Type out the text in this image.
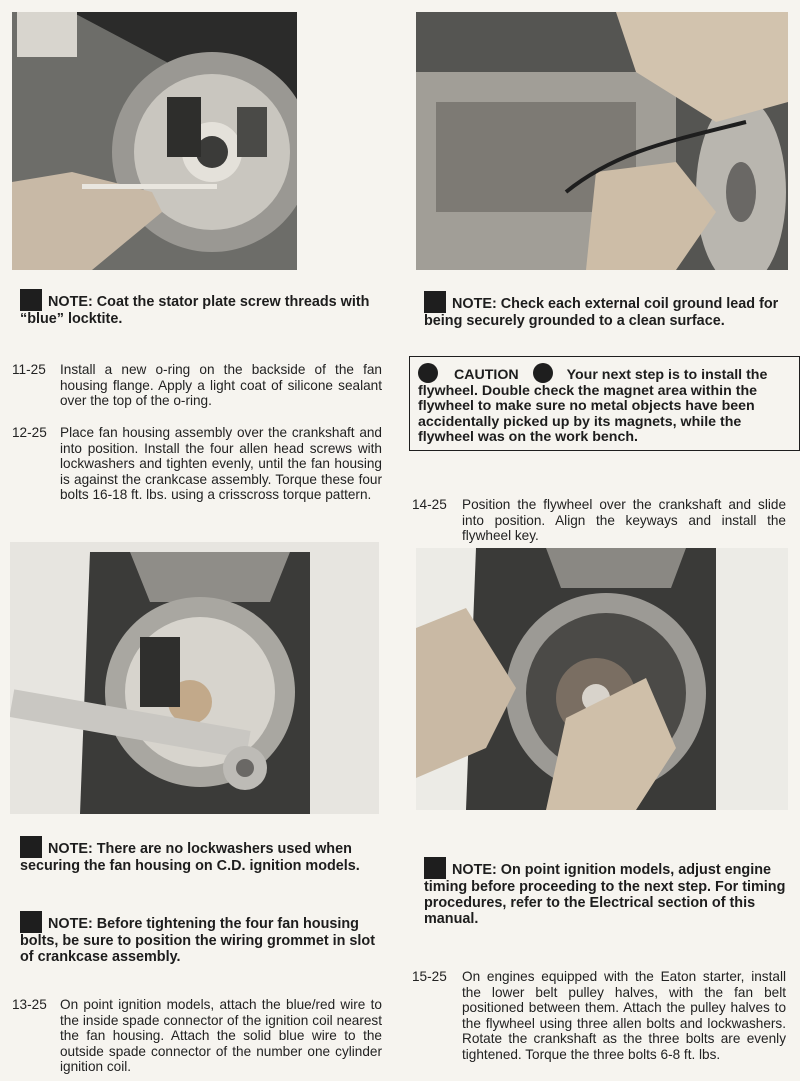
NOTE: Coat the stator plate screw threads with “blue” locktite.
NOTE: Check each external coil ground lead for being securely grounded to a clean surface.
11-25 Install a new o-ring on the backside of the fan housing flange. Apply a light coat of silicone sealant over the top of the o-ring.
12-25 Place fan housing assembly over the crankshaft and into position. Install the four allen head screws with lockwashers and tighten evenly, until the fan housing is against the crankcase assembly. Torque these four bolts 16-18 ft. lbs. using a crisscross torque pattern.
CAUTION	Your next step is to install the flywheel. Double check the magnet area within the flywheel to make sure no metal objects have been accidentally picked up by its magnets, while the flywheel was on the work bench.
14-25 Position the flywheel over the crankshaft and slide into position. Align the keyways and install the flywheel key.
NOTE: There are no lockwashers used when securing the fan housing on C.D. ignition models.
NOTE: Before tightening the four fan housing bolts, be sure to position the wiring grommet in slot of crankcase assembly.
NOTE: On point ignition models, adjust engine timing before proceeding to the next step. For timing procedures, refer to the Electrical section of this manual.
13-25 On point ignition models, attach the blue/red wire to the inside spade connector of the ignition coil nearest the fan housing. Attach the solid blue wire to the outside spade connector of the number one cylinder ignition coil.
15-25 On engines equipped with the Eaton starter, install the lower belt pulley halves, with the fan belt positioned between them. Attach the pulley halves to the flywheel using three allen bolts and lockwashers. Rotate the crankshaft as the three bolts are evenly tightened. Torque the three bolts 6-8 ft. lbs.
